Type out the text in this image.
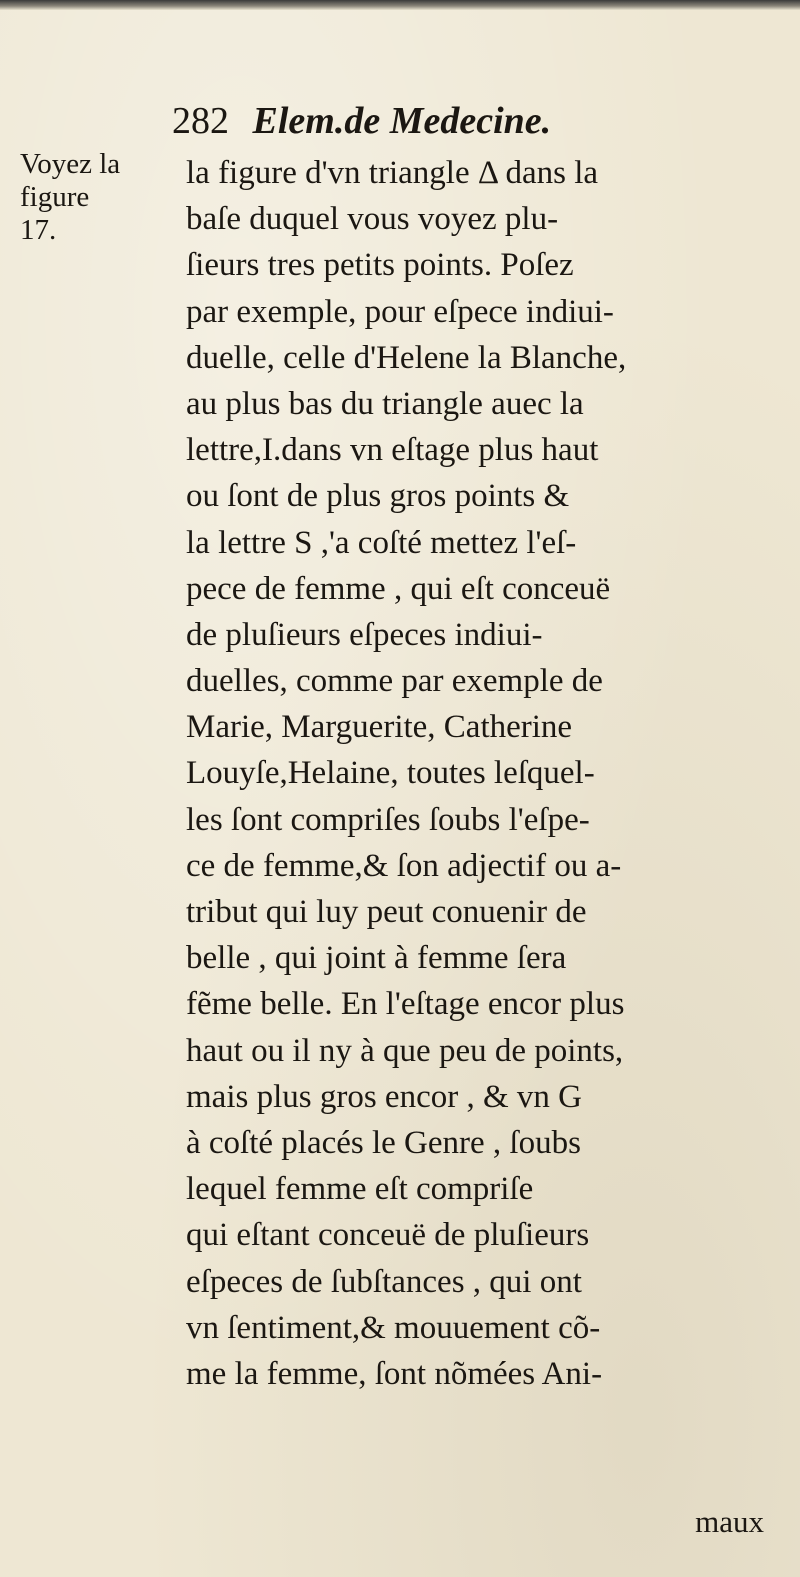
282 Elem.de Medecine.
Voyez la
figure
17.
la figure d'vn triangle Δ dans la
baſe duquel vous voyez plu-
ſieurs tres petits points. Poſez
par exemple, pour eſpece indiui-
duelle, celle d'Helene la Blanche,
au plus bas du triangle auec la
lettre,I.dans vn eſtage plus haut
ou ſont de plus gros points &
la lettre S ,'a coſté mettez l'eſ-
pece de femme , qui eſt conceuë
de pluſieurs eſpeces indiui-
duelles, comme par exemple de
Marie, Marguerite, Catherine
Louyſe,Helaine, toutes leſquel-
les ſont compriſes ſoubs l'eſpe-
ce de femme,& ſon adjectif ou a-
tribut qui luy peut conuenir de
belle , qui joint à femme ſera
fẽme belle. En l'eſtage encor plus
haut ou il ny à que peu de points,
mais plus gros encor , & vn G
à coſté placés le Genre , ſoubs
lequel femme eſt compriſe
qui eſtant conceuë de pluſieurs
eſpeces de ſubſtances , qui ont
vn ſentiment,& mouuement cõ-
me la femme, ſont nõmées Ani-
maux
